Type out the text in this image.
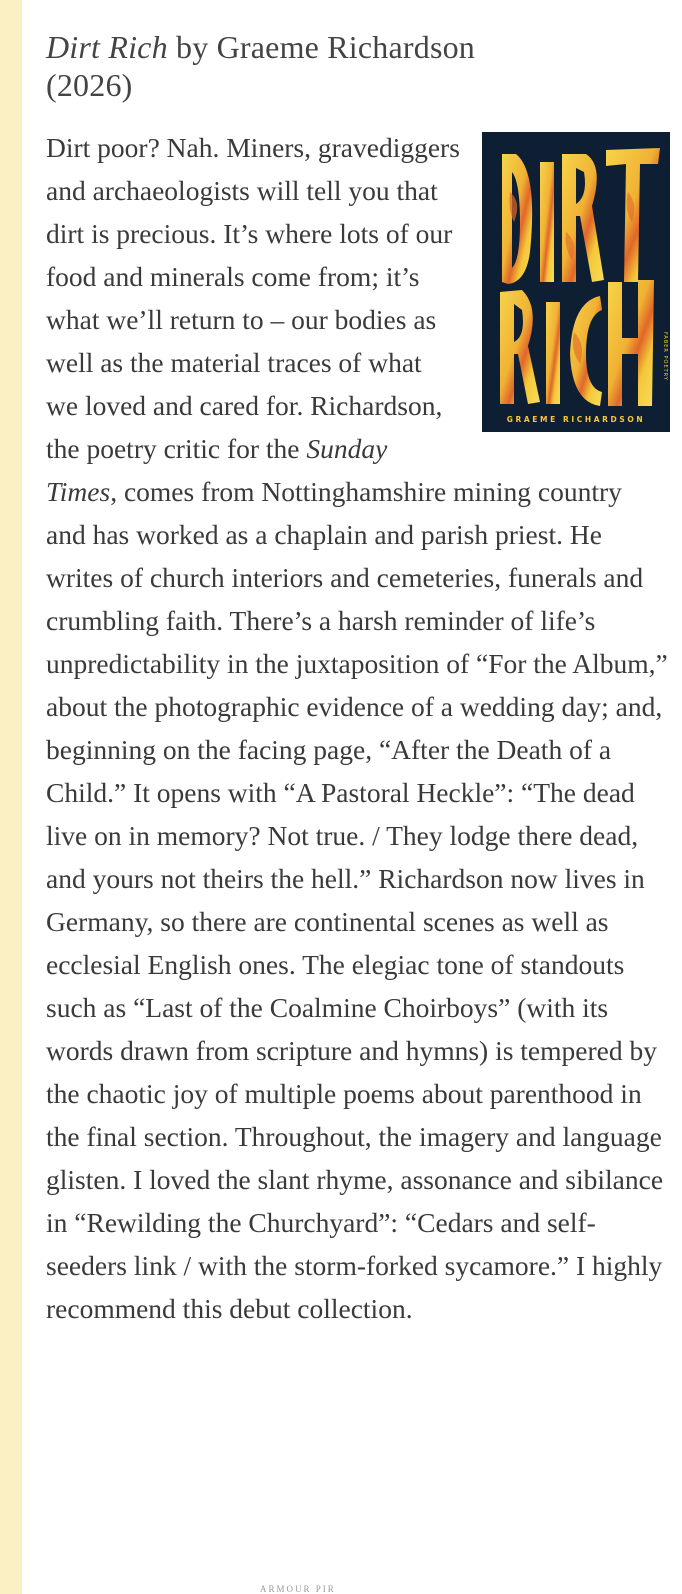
Dirt Rich by Graeme Richardson
(2026)
GRAEME RICHARDSON
FABER POETRY
Dirt poor? Nah. Miners, gravediggers and archaeologists will tell you that dirt is precious. It’s where lots of our food and minerals come from; it’s what we’ll return to – our bodies as well as the material traces of what we loved and cared for. Richardson, the poetry critic for the Sunday Times, comes from Nottinghamshire mining country and has worked as a chaplain and parish priest. He writes of church interiors and cemeteries, funerals and crumbling faith. There’s a harsh reminder of life’s unpredictability in the juxtaposition of “For the Album,” about the photographic evidence of a wedding day; and, beginning on the facing page, “After the Death of a Child.” It opens with “A Pastoral Heckle”: “The dead live on in memory? Not true. / They lodge there dead, and yours not theirs the hell.” Richardson now lives in Germany, so there are continental scenes as well as ecclesial English ones. The elegiac tone of standouts such as “Last of the Coalmine Choirboys” (with its words drawn from scripture and hymns) is tempered by the chaotic joy of multiple poems about parenthood in the final section. Throughout, the imagery and language glisten. I loved the slant rhyme, assonance and sibilance in “Rewilding the Churchyard”: “Cedars and self-seeders link / with the storm-forked sycamore.” I highly recommend this debut collection.
ARMOUR PIR
